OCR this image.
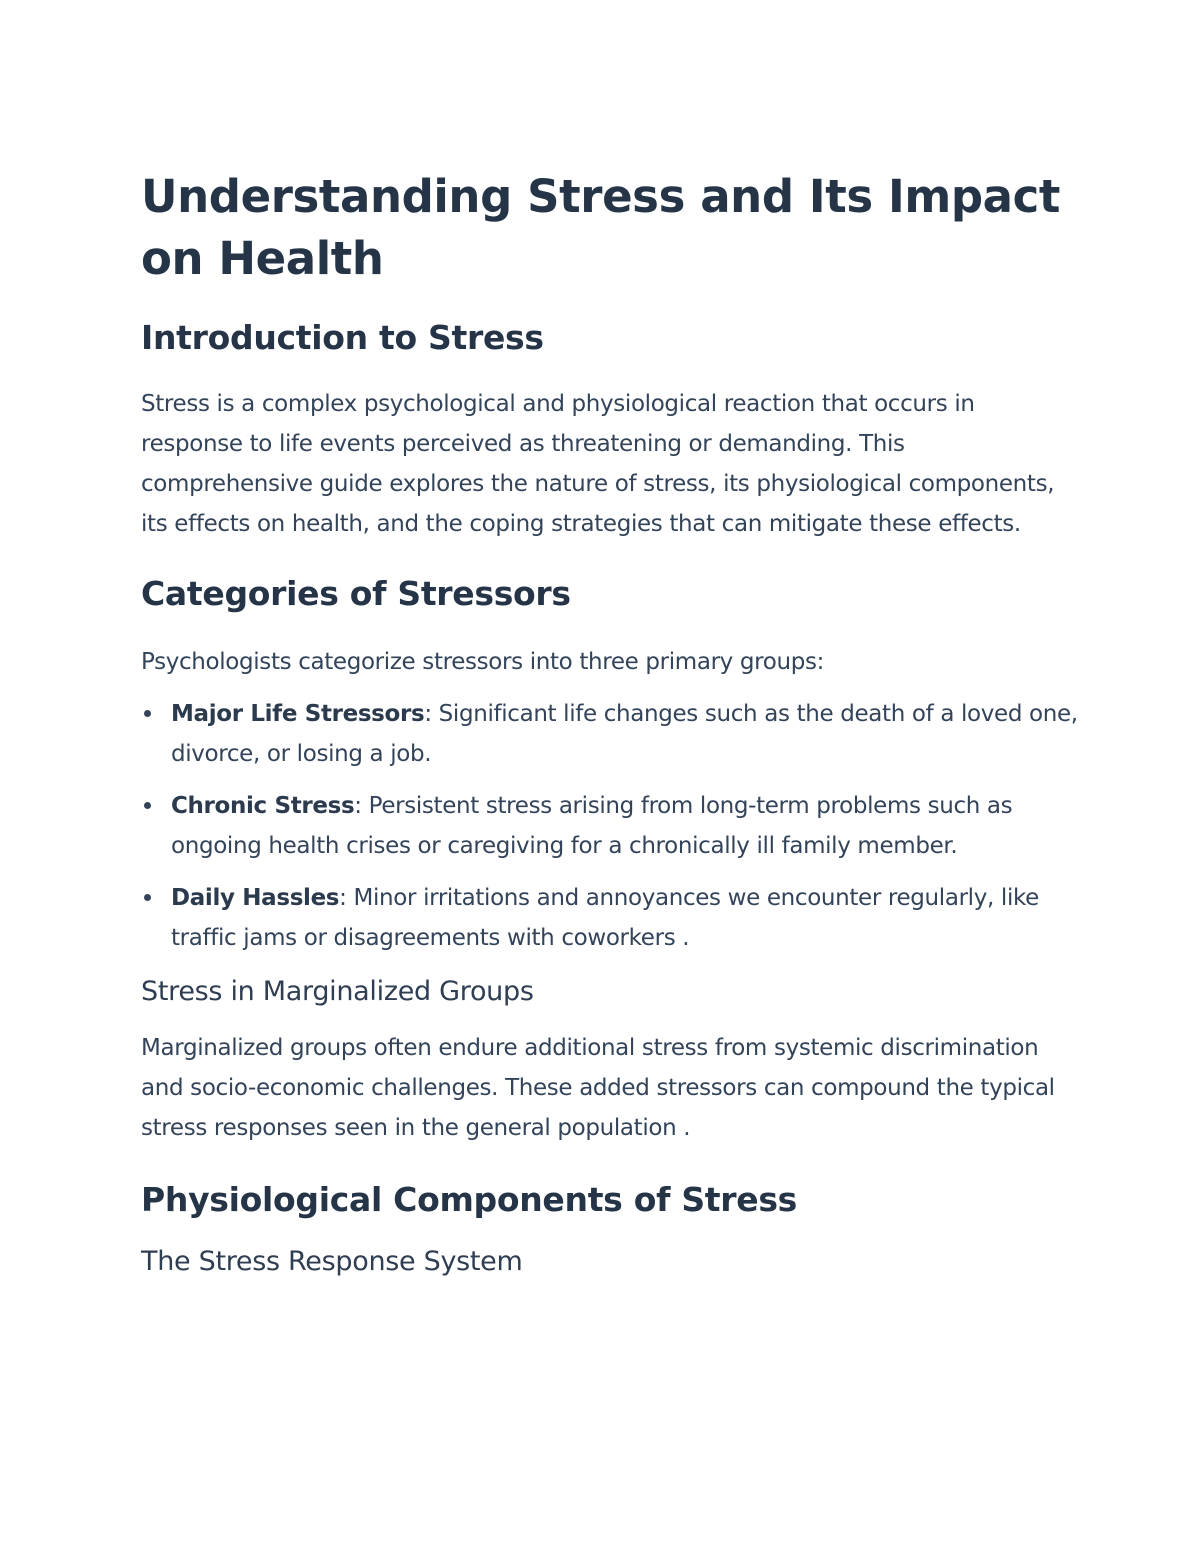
Understanding Stress and Its Impact on Health
Introduction to Stress

Stress is a complex psychological and physiological reaction that occurs in response to life events perceived as threatening or demanding. This comprehensive guide explores the nature of stress, its physiological components, its effects on health, and the coping strategies that can mitigate these effects.

Categories of Stressors

Psychologists categorize stressors into three primary groups:

Major Life Stressors: Significant life changes such as the death of a loved one, divorce, or losing a job.
Chronic Stress: Persistent stress arising from long-term problems such as ongoing health crises or caregiving for a chronically ill family member.
Daily Hassles: Minor irritations and annoyances we encounter regularly, like traffic jams or disagreements with coworkers .
Stress in Marginalized Groups

Marginalized groups often endure additional stress from systemic discrimination and socio-economic challenges. These added stressors can compound the typical stress responses seen in the general population .

Physiological Components of Stress
The Stress Response System
